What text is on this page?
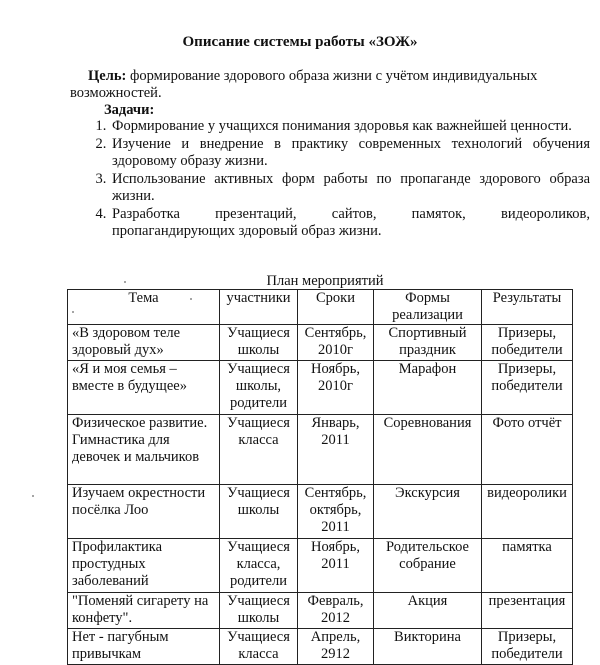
Описание системы работы «ЗОЖ»
Цель: формирование здорового образа жизни с учётом индивидуальных возможностей.
Задачи:
1. Формирование у учащихся понимания здоровья как важнейшей ценности.
2. Изучение и внедрение в практику современных технологий обучения здоровому образу жизни.
3. Использование активных форм работы по пропаганде здорового образа жизни.
4. Разработка презентаций, сайтов, памяток, видеороликов, пропагандирующих здоровый образ жизни.
План мероприятий
Тема	участники	Сроки	Формы реализации	Результаты
«В здоровом теле здоровый дух»	Учащиеся школы	Сентябрь, 2010г	Спортивный праздник	Призеры, победители
«Я и моя семья – вместе в будущее»	Учащиеся школы, родители	Ноябрь, 2010г	Марафон	Призеры, победители
Физическое развитие. Гимнастика для девочек и мальчиков	Учащиеся класса	Январь, 2011	Соревнования	Фото отчёт
Изучаем окрестности посёлка Лоо	Учащиеся школы	Сентябрь, октябрь, 2011	Экскурсия	видеоролики
Профилактика простудных заболеваний	Учащиеся класса, родители	Ноябрь, 2011	Родительское собрание	памятка
"Поменяй сигарету на конфету".	Учащиеся школы	Февраль, 2012	Акция	презентация
Нет - пагубным привычкам	Учащиеся класса	Апрель, 2912	Викторина	Призеры, победители
